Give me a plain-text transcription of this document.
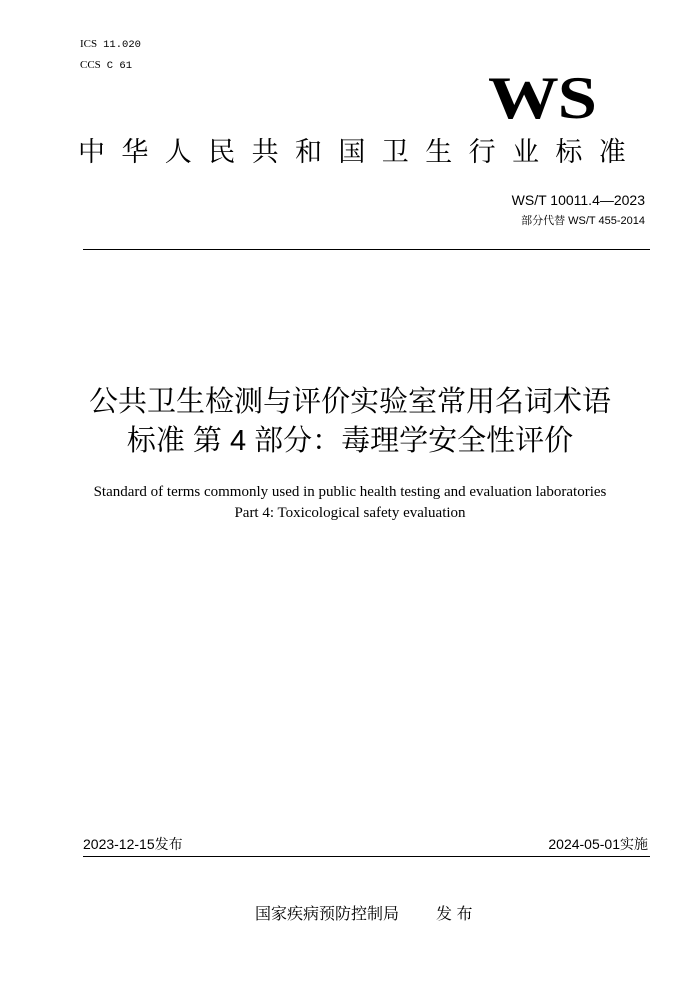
ICS 11.020
CCS C 61	WS
中华人民共和国卫生行业标准
WS/T 10011.4—2023
部分代替 WS/T 455-2014
公共卫生检测与评价实验室常用名词术语
标准 第 4 部分：毒理学安全性评价
Standard of terms commonly used in public health testing and evaluation laboratories
Part 4: Toxicological safety evaluation
2023-12-15发布	2024-05-01实施
国家疾病预防控制局 发 布
